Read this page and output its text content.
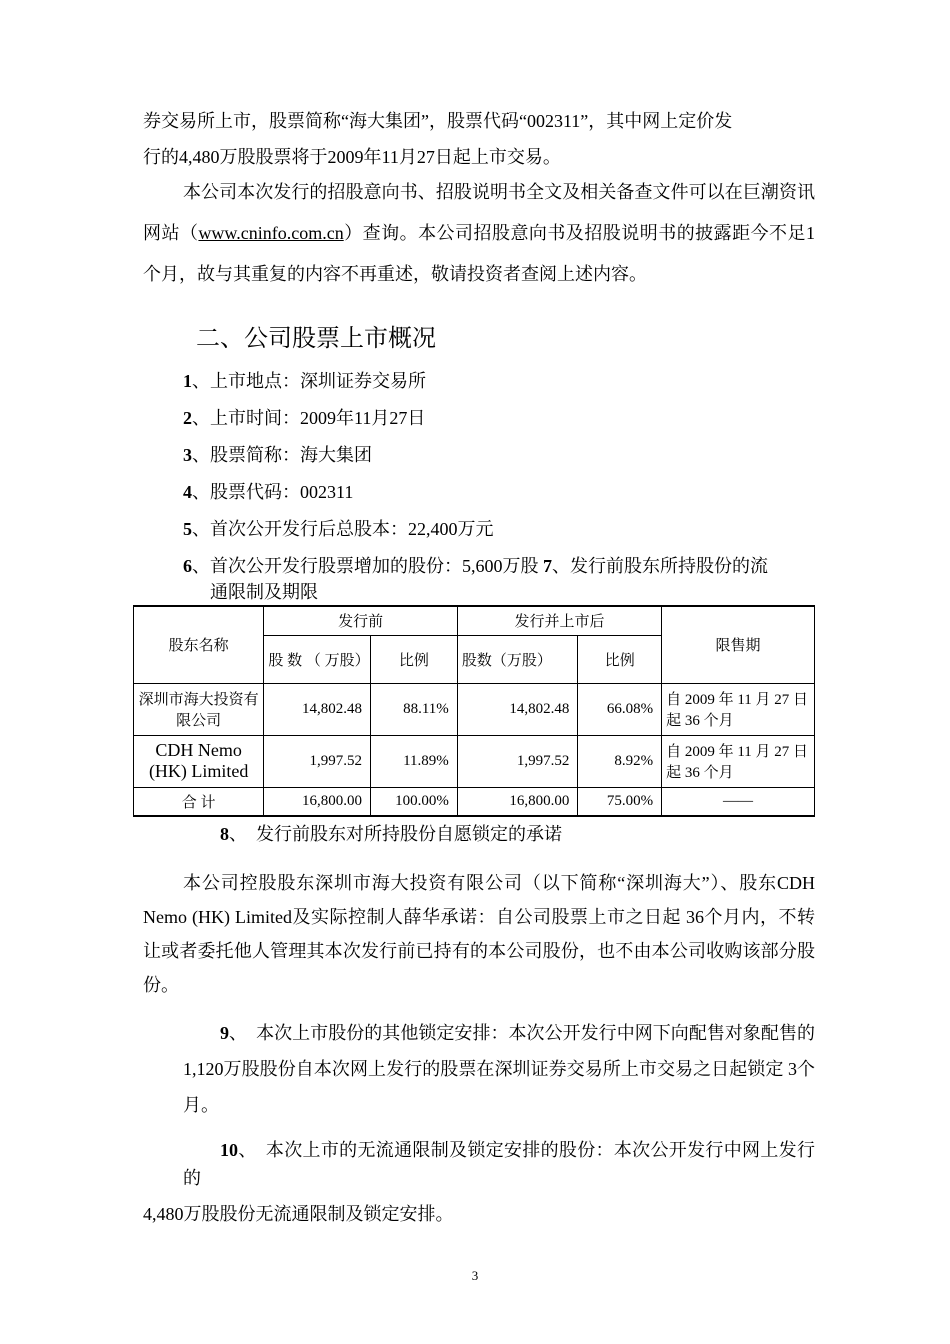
券交易所上市，股票简称“海大集团”，股票代码“002311”，其中网上定价发
行的4,480万股股票将于2009年11月27日起上市交易。
本公司本次发行的招股意向书、招股说明书全文及相关备查文件可以在巨潮资讯网站（www.cninfo.com.cn）查询。本公司招股意向书及招股说明书的披露距今不足1个月，故与其重复的内容不再重述，敬请投资者查阅上述内容。
二、公司股票上市概况
1、上市地点：深圳证券交易所
2、上市时间：2009年11月27日
3、股票简称：海大集团
4、股票代码：002311
5、首次公开发行后总股本：22,400万元
6、首次公开发行股票增加的股份：5,600万股 7、发行前股东所持股份的流
通限制及期限
股东名称	发行前		发行并上市后		限售期
	股 数 （ 万股）	比例	股数（万股）	比例	
深圳市海大投资有限公司	14,802.48	88.11%	14,802.48	66.08%	自 2009 年 11 月 27 日起 36 个月
CDH Nemo (HK) Limited	1,997.52	11.89%	1,997.52	8.92%	自 2009 年 11 月 27 日起 36 个月
合 计	16,800.00	100.00%	16,800.00	75.00%	——
8、　发行前股东对所持股份自愿锁定的承诺
本公司控股股东深圳市海大投资有限公司（以下简称“深圳海大”）、股东CDH Nemo (HK) Limited及实际控制人薛华承诺：自公司股票上市之日起 36个月内，不转让或者委托他人管理其本次发行前已持有的本公司股份，也不由本公司收购该部分股份。
9、　本次上市股份的其他锁定安排：本次公开发行中网下向配售对象配售的 1,120万股股份自本次网上发行的股票在深圳证券交易所上市交易之日起锁定 3个月。
10、　本次上市的无流通限制及锁定安排的股份：本次公开发行中网上发行的
4,480万股股份无流通限制及锁定安排。
3
